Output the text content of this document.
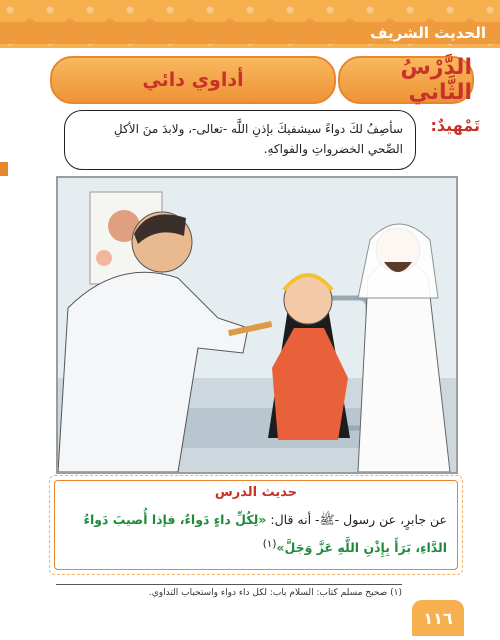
الحديث الشريف
الدَّرْسُ الثَّاني
أداوي دائي
تَمْهيدٌ:
سأصِفُ لكَ دواءً سيشفيكَ بإذنِ اللَّه -تعالى-، ولابدَ منَ الأكلِ الصِّحي الخضرواتِ والفواكهِ.
حديث الدرس
عن جابرٍ، عن رسول -ﷺ- أنه قال: «لِكُلِّ داءٍ دَواءٌ، فإذا أُصيبَ دَواءُ الدَّاءِ، بَرَأَ بِإِذْنِ اللَّهِ عَزَّ وَجَلَّ»$^{(١)}$
(١) صحيح مسلم كتاب: السلام باب: لكل داء دواء واستحباب التداوي.
١١٦
